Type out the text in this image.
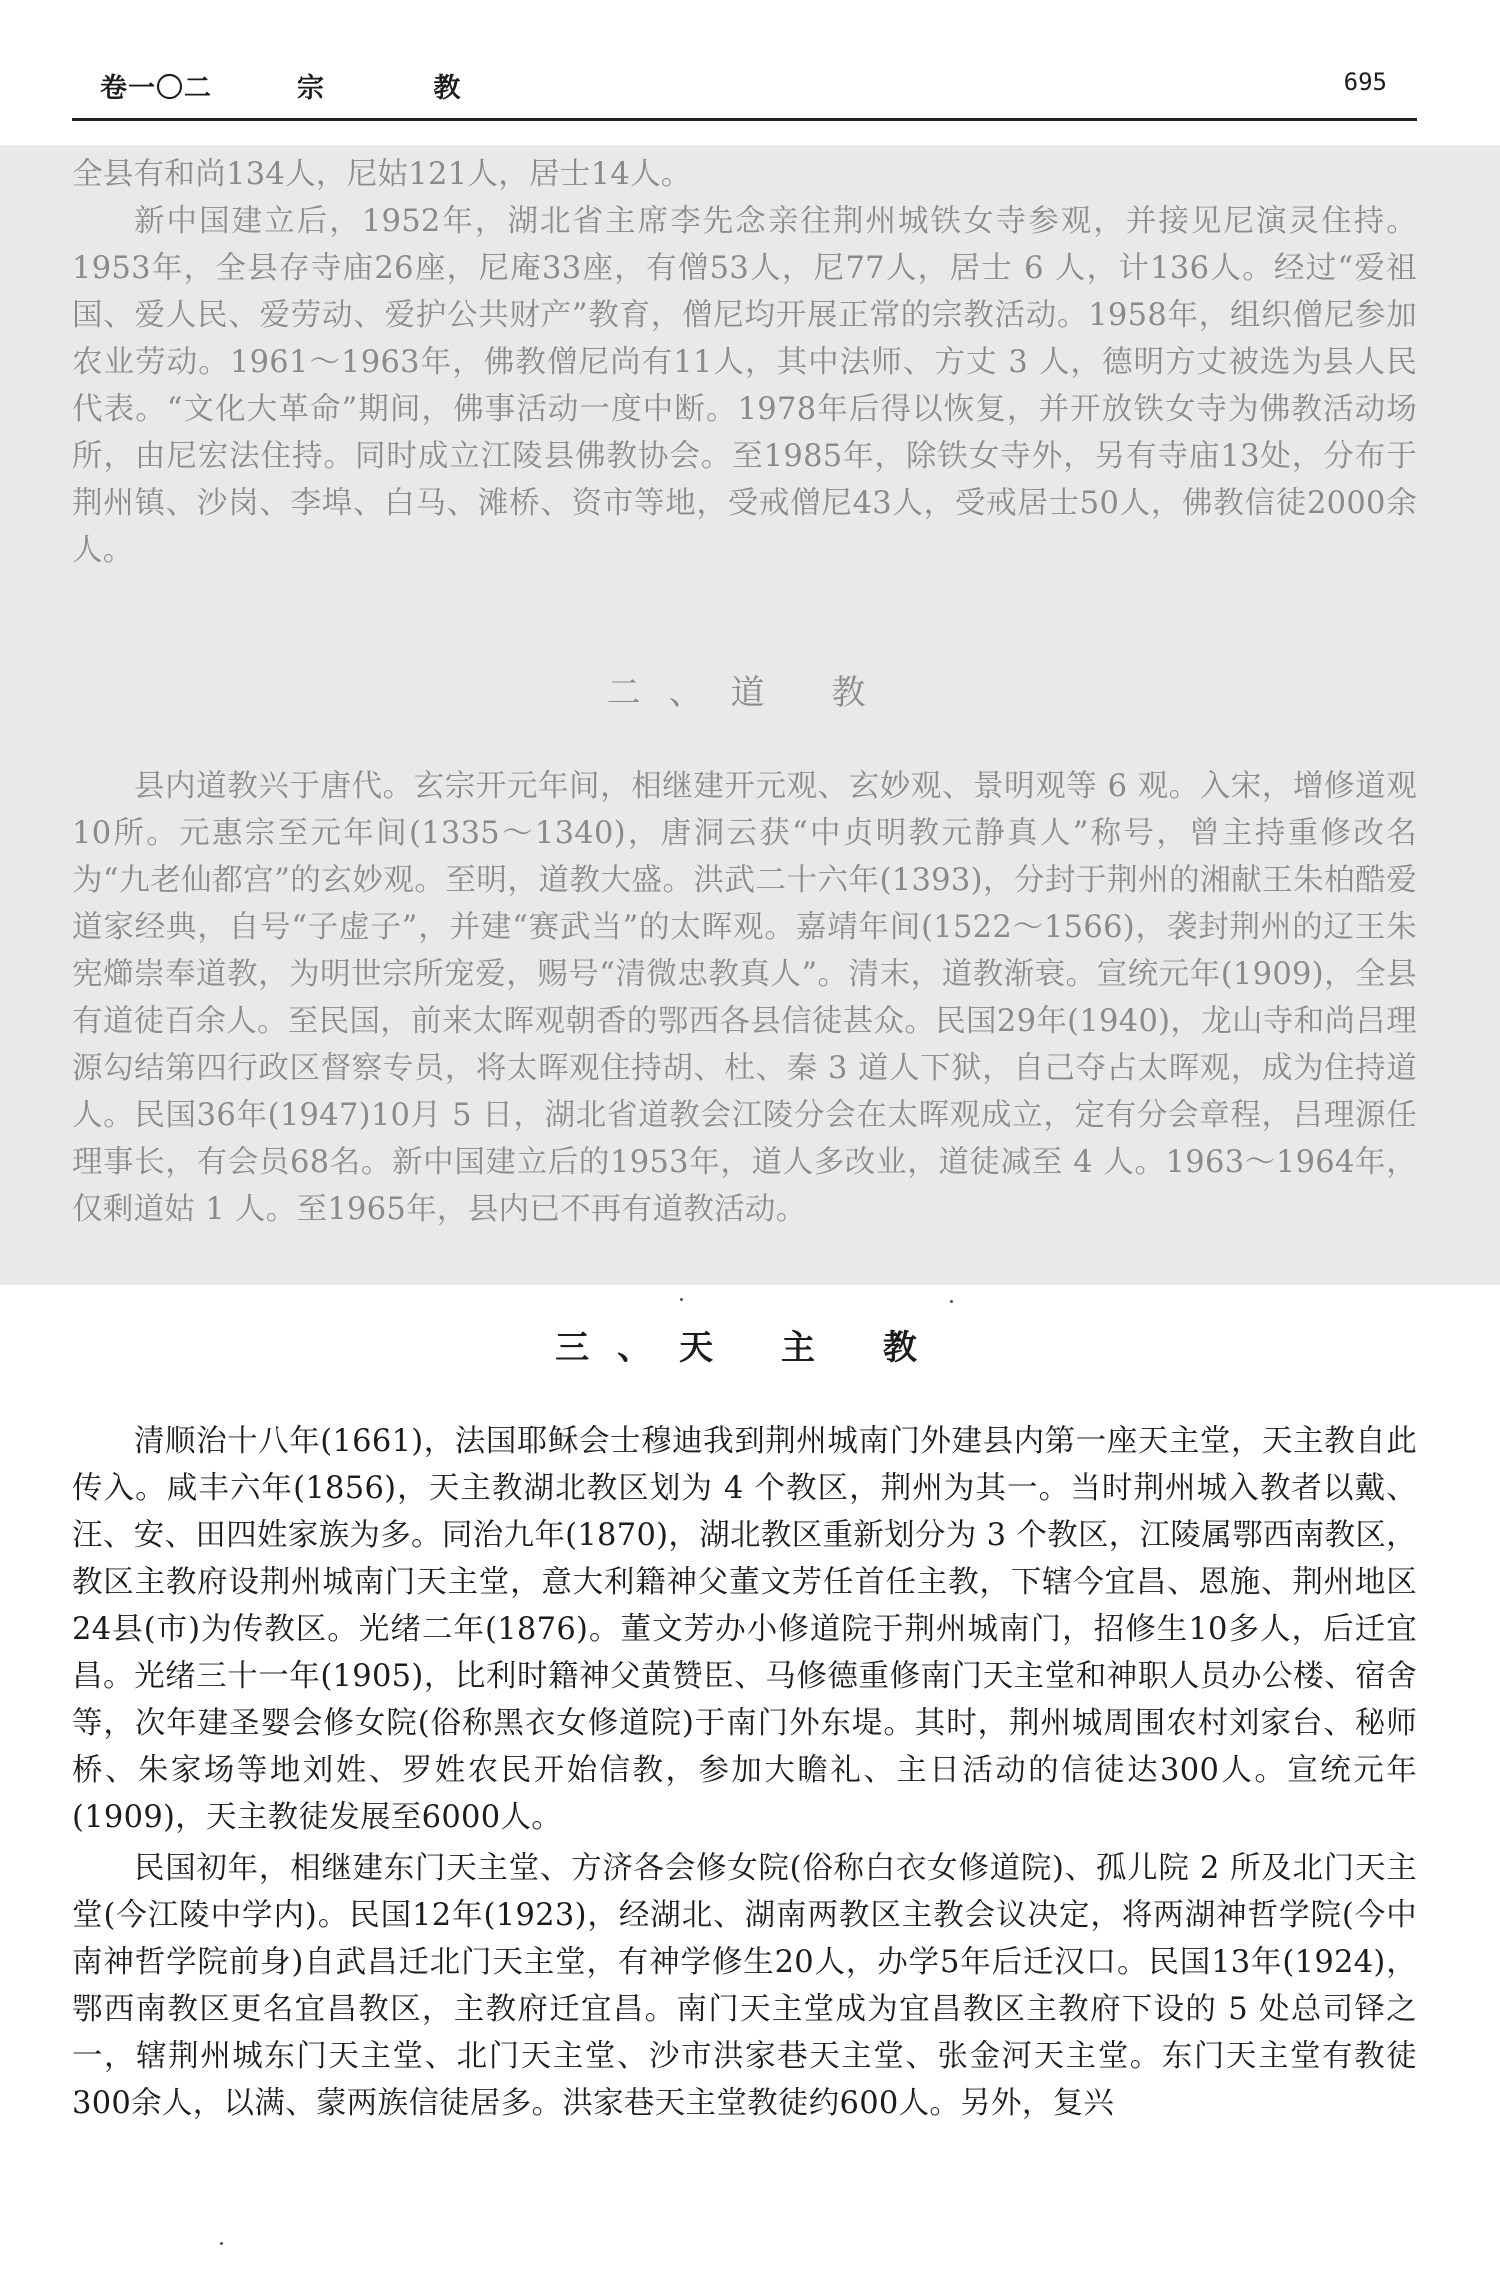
卷一〇二	宗 教	695

全县有和尚134人，尼姑121人，居士14人。

新中国建立后，1952年，湖北省主席李先念亲往荆州城铁女寺参观，并接见尼演灵住持。1953年，全县存寺庙26座，尼庵33座，有僧53人，尼77人，居士 6 人，计136人。经过“爱祖国、爱人民、爱劳动、爱护公共财产”教育，僧尼均开展正常的宗教活动。1958年，组织僧尼参加农业劳动。1961～1963年，佛教僧尼尚有11人，其中法师、方丈 3 人，德明方丈被选为县人民代表。“文化大革命”期间，佛事活动一度中断。1978年后得以恢复，并开放铁女寺为佛教活动场所，由尼宏法住持。同时成立江陵县佛教协会。至1985年，除铁女寺外，另有寺庙13处，分布于荆州镇、沙岗、李埠、白马、滩桥、资市等地，受戒僧尼43人，受戒居士50人，佛教信徒2000余人。

二、道 教

县内道教兴于唐代。玄宗开元年间，相继建开元观、玄妙观、景明观等 6 观。入宋，增修道观10所。元惠宗至元年间(1335～1340)，唐洞云获“中贞明教元静真人”称号，曾主持重修改名为“九老仙都宫”的玄妙观。至明，道教大盛。洪武二十六年(1393)，分封于荆州的湘献王朱柏酷爱道家经典，自号“子虚子”，并建“赛武当”的太晖观。嘉靖年间(1522～1566)，袭封荆州的辽王朱宪㸅崇奉道教，为明世宗所宠爱，赐号“清微忠教真人”。清末，道教渐衰。宣统元年(1909)，全县有道徒百余人。至民国，前来太晖观朝香的鄂西各县信徒甚众。民国29年(1940)，龙山寺和尚吕理源勾结第四行政区督察专员，将太晖观住持胡、杜、秦 3 道人下狱，自己夺占太晖观，成为住持道人。民国36年(1947)10月 5 日，湖北省道教会江陵分会在太晖观成立，定有分会章程，吕理源任理事长，有会员68名。新中国建立后的1953年，道人多改业，道徒减至 4 人。1963～1964年，仅剩道姑 1 人。至1965年，县内已不再有道教活动。

三、天 主 教

清顺治十八年(1661)，法国耶稣会士穆迪我到荆州城南门外建县内第一座天主堂，天主教自此传入。咸丰六年(1856)，天主教湖北教区划为 4 个教区，荆州为其一。当时荆州城入教者以戴、汪、安、田四姓家族为多。同治九年(1870)，湖北教区重新划分为 3 个教区，江陵属鄂西南教区，教区主教府设荆州城南门天主堂，意大利籍神父董文芳任首任主教，下辖今宜昌、恩施、荆州地区24县(市)为传教区。光绪二年(1876)。董文芳办小修道院于荆州城南门，招修生10多人，后迁宜昌。光绪三十一年(1905)，比利时籍神父黄赞臣、马修德重修南门天主堂和神职人员办公楼、宿舍等，次年建圣婴会修女院(俗称黑衣女修道院)于南门外东堤。其时，荆州城周围农村刘家台、秘师桥、朱家场等地刘姓、罗姓农民开始信教，参加大瞻礼、主日活动的信徒达300人。宣统元年(1909)，天主教徒发展至6000人。

民国初年，相继建东门天主堂、方济各会修女院(俗称白衣女修道院)、孤儿院 2 所及北门天主堂(今江陵中学内)。民国12年(1923)，经湖北、湖南两教区主教会议决定，将两湖神哲学院(今中南神哲学院前身)自武昌迁北门天主堂，有神学修生20人，办学5年后迁汉口。民国13年(1924)，鄂西南教区更名宜昌教区，主教府迁宜昌。南门天主堂成为宜昌教区主教府下设的 5 处总司铎之一，辖荆州城东门天主堂、北门天主堂、沙市洪家巷天主堂、张金河天主堂。东门天主堂有教徒300余人，以满、蒙两族信徒居多。洪家巷天主堂教徒约600人。另外，复兴
